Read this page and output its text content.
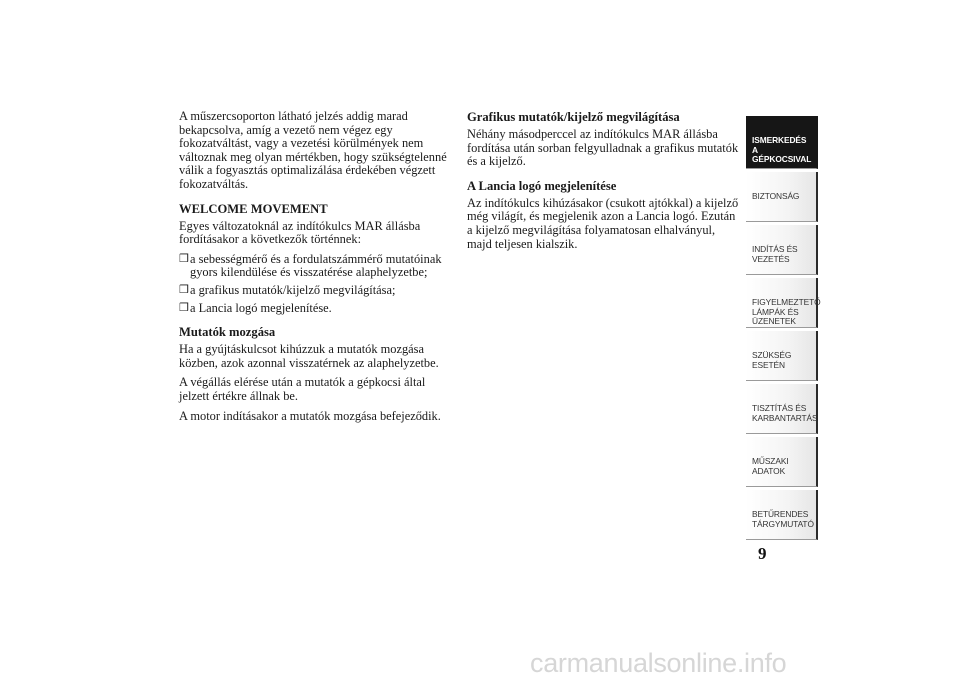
A műszercsoporton látható jelzés addig marad bekapcsolva, amíg a vezető nem végez egy fokozatváltást, vagy a vezetési körülmények nem változnak meg olyan mértékben, hogy szükségtelenné válik a fogyasztás optimalizálása érdekében végzett fokozatváltás.

WELCOME MOVEMENT

Egyes változatoknál az indítókulcs MAR állásba fordításakor a következők történnek:

❒ a sebességmérő és a fordulatszámmérő mutatóinak gyors kilendülése és visszatérése alaphelyzetbe;
❒ a grafikus mutatók/kijelző megvilágítása;
❒ a Lancia logó megjelenítése.
Mutatók mozgása

Ha a gyújtáskulcsot kihúzzuk a mutatók mozgása közben, azok azonnal visszatérnek az alaphelyzetbe.

A végállás elérése után a mutatók a gépkocsi által jelzett értékre állnak be.

A motor indításakor a mutatók mozgása befejeződik.

Grafikus mutatók/kijelző megvilágítása

Néhány másodperccel az indítókulcs MAR állásba fordítása után sorban felgyulladnak a grafikus mutatók és a kijelző.

A Lancia logó megjelenítése

Az indítókulcs kihúzásakor (csukott ajtókkal) a kijelző még világít, és megjelenik azon a Lancia logó. Ezután a kijelző megvilágítása folyamatosan elhalványul, majd teljesen kialszik.

ISMERKEDÉS A
GÉPKOCSIVAL
BIZTONSÁG
INDÍTÁS ÉS
VEZETÉS
FIGYELMEZTETŐ
LÁMPÁK ÉS
ÜZENETEK
SZÜKSÉG ESETÉN
TISZTÍTÁS ÉS
KARBANTARTÁS
MŰSZAKI ADATOK
BETŰRENDES
TÁRGYMUTATÓ
9
carmanualsonline.info
